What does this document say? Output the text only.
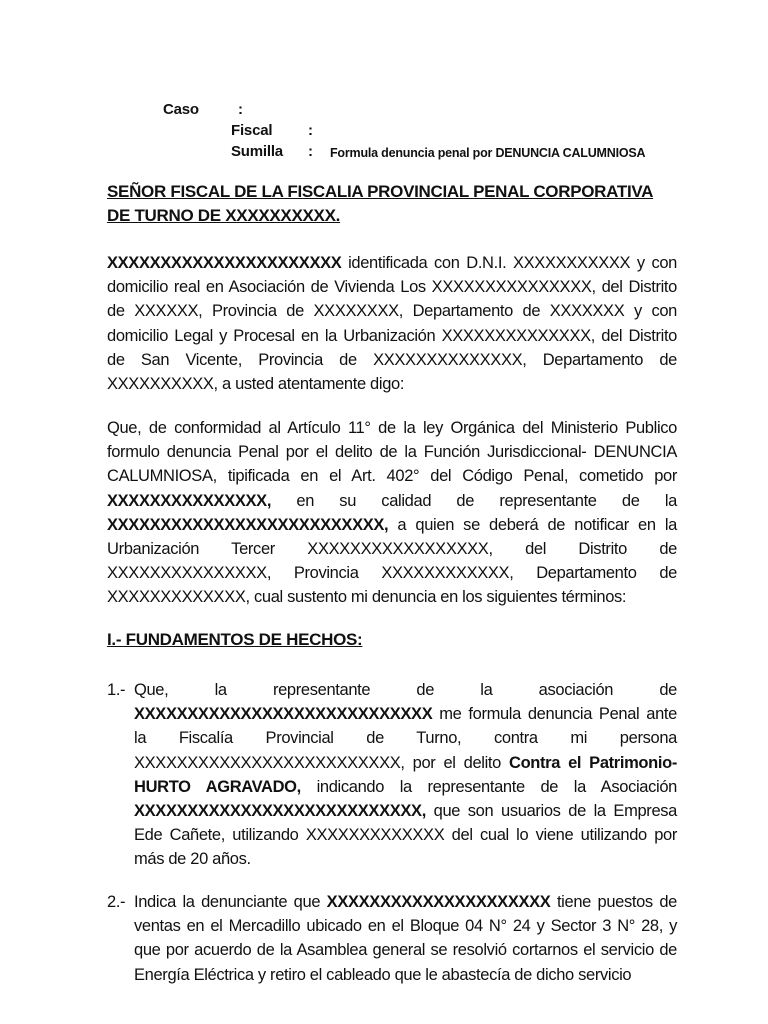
Caso	:
Fiscal :
Sumilla : Formula denuncia penal por DENUNCIA CALUMNIOSA
SEÑOR FISCAL DE LA FISCALIA PROVINCIAL PENAL CORPORATIVA DE TURNO DE XXXXXXXXXX.
XXXXXXXXXXXXXXXXXXXXXX identificada con D.N.I. XXXXXXXXXXX y con domicilio real en Asociación de Vivienda Los XXXXXXXXXXXXXXX, del Distrito de XXXXXX, Provincia de XXXXXXXX, Departamento de XXXXXXX y con domicilio Legal y Procesal en la Urbanización XXXXXXXXXXXXXX, del Distrito de San Vicente, Provincia de XXXXXXXXXXXXXX, Departamento de XXXXXXXXXX, a usted atentamente digo:
Que, de conformidad al Artículo 11° de la ley Orgánica del Ministerio Publico formulo denuncia Penal por el delito de la Función Jurisdiccional- DENUNCIA CALUMNIOSA, tipificada en el Art. 402° del Código Penal, cometido por XXXXXXXXXXXXXXX, en su calidad de representante de la XXXXXXXXXXXXXXXXXXXXXXXXXX, a quien se deberá de notificar en la Urbanización Tercer XXXXXXXXXXXXXXXXX, del Distrito de XXXXXXXXXXXXXXX, Provincia XXXXXXXXXXXX, Departamento de XXXXXXXXXXXXX, cual sustento mi denuncia en los siguientes términos:
I.- FUNDAMENTOS DE HECHOS:
1.- Que, la representante de la asociación de
XXXXXXXXXXXXXXXXXXXXXXXXXXXX me formula denuncia Penal ante la Fiscalía Provincial de Turno, contra mi persona XXXXXXXXXXXXXXXXXXXXXXXXX, por el delito Contra el Patrimonio-HURTO AGRAVADO, indicando la representante de la Asociación XXXXXXXXXXXXXXXXXXXXXXXXXXX, que son usuarios de la Empresa Ede Cañete, utilizando XXXXXXXXXXXXX del cual lo viene utilizando por más de 20 años.
2.- Indica la denunciante que XXXXXXXXXXXXXXXXXXXXX tiene puestos de ventas en el Mercadillo ubicado en el Bloque 04 N° 24 y Sector 3 N° 28, y que por acuerdo de la Asamblea general se resolvió cortarnos el servicio de Energía Eléctrica y retiro el cableado que le abastecía de dicho servicio
